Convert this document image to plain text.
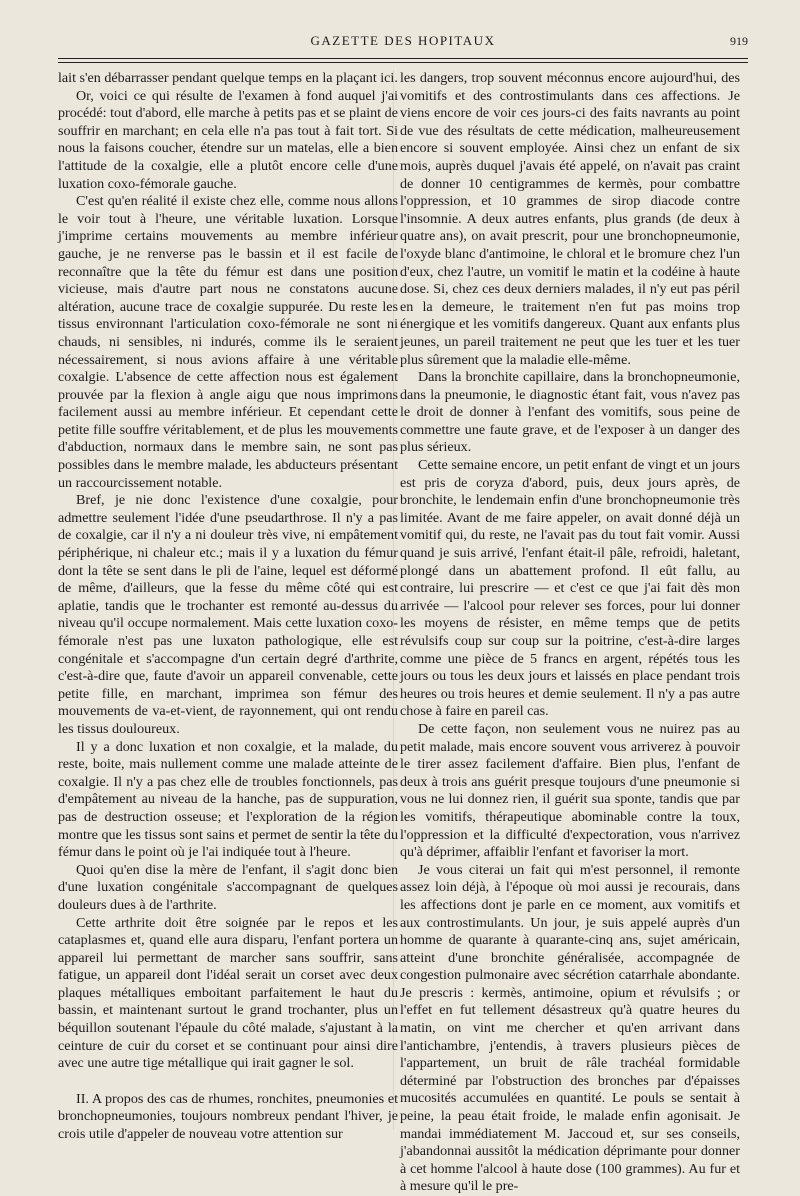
GAZETTE DES HOPITAUX	919

lait s'en débarrasser pendant quelque temps en la plaçant ici.

Or, voici ce qui résulte de l'examen à fond auquel j'ai procédé: tout d'abord, elle marche à petits pas et se plaint de souffrir en marchant; en cela elle n'a pas tout à fait tort. Si nous la faisons coucher, étendre sur un matelas, elle a bien l'attitude de la coxalgie, elle a plutôt encore celle d'une luxation coxo-fémorale gauche.

C'est qu'en réalité il existe chez elle, comme nous allons le voir tout à l'heure, une véritable luxation. Lorsque j'imprime certains mouvements au membre inférieur gauche, je ne renverse pas le bassin et il est facile de reconnaître que la tête du fémur est dans une position vicieuse, mais d'autre part nous ne constatons aucune altération, aucune trace de coxalgie suppurée. Du reste les tissus environnant l'articulation coxo-fémorale ne sont ni chauds, ni sensibles, ni indurés, comme ils le seraient nécessairement, si nous avions affaire à une véritable coxalgie. L'absence de cette affection nous est également prouvée par la flexion à angle aigu que nous imprimons facilement aussi au membre inférieur. Et cependant cette petite fille souffre véritablement, et de plus les mouvements d'abduction, normaux dans le membre sain, ne sont pas possibles dans le membre malade, les abducteurs présentant un raccourcissement notable.

Bref, je nie donc l'existence d'une coxalgie, pour admettre seulement l'idée d'une pseudarthrose. Il n'y a pas de coxalgie, car il n'y a ni douleur très vive, ni empâtement périphérique, ni chaleur etc.; mais il y a luxation du fémur dont la tête se sent dans le pli de l'aine, lequel est déformé de même, d'ailleurs, que la fesse du même côté qui est aplatie, tandis que le trochanter est remonté au-dessus du niveau qu'il occupe normalement. Mais cette luxation coxo-fémorale n'est pas une luxaton pathologique, elle est congénitale et s'accompagne d'un certain degré d'arthrite, c'est-à-dire que, faute d'avoir un appareil convenable, cette petite fille, en marchant, imprimea son fémur des mouvements de va-et-vient, de rayonnement, qui ont rendu les tissus douloureux.

Il y a donc luxation et non coxalgie, et la malade, du reste, boite, mais nullement comme une malade atteinte de coxalgie. Il n'y a pas chez elle de troubles fonctionnels, pas d'empâtement au niveau de la hanche, pas de suppuration, pas de destruction osseuse; et l'exploration de la région montre que les tissus sont sains et permet de sentir la tête du fémur dans le point où je l'ai indiquée tout à l'heure.

Quoi qu'en dise la mère de l'enfant, il s'agit donc bien d'une luxation congénitale s'accompagnant de quelques douleurs dues à de l'arthrite.

Cette arthrite doit être soignée par le repos et les cataplasmes et, quand elle aura disparu, l'enfant portera un appareil lui permettant de marcher sans souffrir, sans fatigue, un appareil dont l'idéal serait un corset avec deux plaques métalliques emboitant parfaitement le haut du bassin, et maintenant surtout le grand trochanter, plus un béquillon soutenant l'épaule du côté malade, s'ajustant à la ceinture de cuir du corset et se continuant pour ainsi dire avec une autre tige métallique qui irait gagner le sol.

II. A propos des cas de rhumes, ronchites, pneumonies et bronchopneumonies, toujours nombreux pendant l'hiver, je crois utile d'appeler de nouveau votre attention sur

les dangers, trop souvent méconnus encore aujourd'hui, des vomitifs et des controstimulants dans ces affections. Je viens encore de voir ces jours-ci des faits navrants au point de vue des résultats de cette médication, malheureusement encore si souvent employée. Ainsi chez un enfant de six mois, auprès duquel j'avais été appelé, on n'avait pas craint de donner 10 centigrammes de kermès, pour combattre l'oppression, et 10 grammes de sirop diacode contre l'insomnie. A deux autres enfants, plus grands (de deux à quatre ans), on avait prescrit, pour une bronchopneumonie, l'oxyde blanc d'antimoine, le chloral et le bromure chez l'un d'eux, chez l'autre, un vomitif le matin et la codéine à haute dose. Si, chez ces deux derniers malades, il n'y eut pas péril en la demeure, le traitement n'en fut pas moins trop énergique et les vomitifs dangereux. Quant aux enfants plus jeunes, un pareil traitement ne peut que les tuer et les tuer plus sûrement que la maladie elle-même.

Dans la bronchite capillaire, dans la bronchopneumonie, dans la pneumonie, le diagnostic étant fait, vous n'avez pas le droit de donner à l'enfant des vomitifs, sous peine de commettre une faute grave, et de l'exposer à un danger des plus sérieux.

Cette semaine encore, un petit enfant de vingt et un jours est pris de coryza d'abord, puis, deux jours après, de bronchite, le lendemain enfin d'une bronchopneumonie très limitée. Avant de me faire appeler, on avait donné déjà un vomitif qui, du reste, ne l'avait pas du tout fait vomir. Aussi quand je suis arrivé, l'enfant était-il pâle, refroidi, haletant, plongé dans un abattement profond. Il eût fallu, au contraire, lui prescrire — et c'est ce que j'ai fait dès mon arrivée — l'alcool pour relever ses forces, pour lui donner les moyens de résister, en même temps que de petits révulsifs coup sur coup sur la poitrine, c'est-à-dire larges comme une pièce de 5 francs en argent, répétés tous les jours ou tous les deux jours et laissés en place pendant trois heures ou trois heures et demie seulement. Il n'y a pas autre chose à faire en pareil cas.

De cette façon, non seulement vous ne nuirez pas au petit malade, mais encore souvent vous arriverez à pouvoir le tirer assez facilement d'affaire. Bien plus, l'enfant de deux à trois ans guérit presque toujours d'une pneumonie si vous ne lui donnez rien, il guérit sua sponte, tandis que par les vomitifs, thérapeutique abominable contre la toux, l'oppression et la difficulté d'expectoration, vous n'arrivez qu'à déprimer, affaiblir l'enfant et favoriser la mort.

Je vous citerai un fait qui m'est personnel, il remonte assez loin déjà, à l'époque où moi aussi je recourais, dans les affections dont je parle en ce moment, aux vomitifs et aux controstimulants. Un jour, je suis appelé auprès d'un homme de quarante à quarante-cinq ans, sujet américain, atteint d'une bronchite généralisée, accompagnée de congestion pulmonaire avec sécrétion catarrhale abondante. Je prescris : kermès, antimoine, opium et révulsifs ; or l'effet en fut tellement désastreux qu'à quatre heures du matin, on vint me chercher et qu'en arrivant dans l'antichambre, j'entendis, à travers plusieurs pièces de l'appartement, un bruit de râle trachéal formidable déterminé par l'obstruction des bronches par d'épaisses mucosités accumulées en quantité. Le pouls se sentait à peine, la peau était froide, le malade enfin agonisait. Je mandai immédiatement M. Jaccoud et, sur ses conseils, j'abandonnai aussitôt la médication déprimante pour donner à cet homme l'alcool à haute dose (100 grammes). Au fur et à mesure qu'il le pre-
